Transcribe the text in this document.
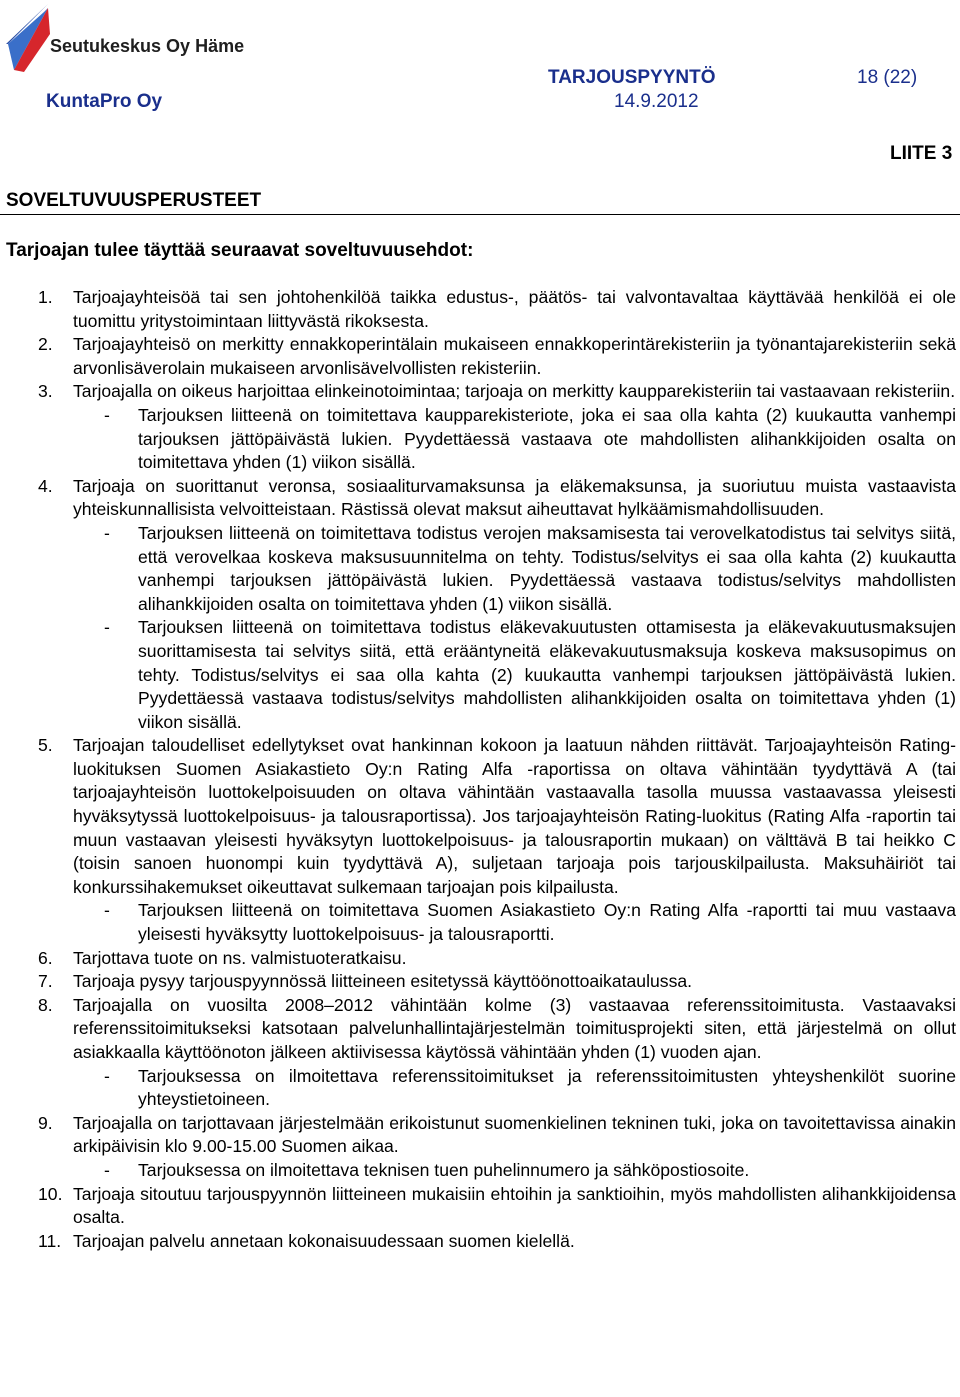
Seutukeskus Oy Häme
KuntaPro Oy
TARJOUSPYYNTÖ
14.9.2012
18 (22)
LIITE 3
SOVELTUVUUSPERUSTEET
Tarjoajan tulee täyttää seuraavat soveltuvuusehdot:
1. Tarjoajayhteisöä tai sen johtohenkilöä taikka edustus-, päätös- tai valvontavaltaa käyttävää henkilöä ei ole tuomittu yritystoimintaan liittyvästä rikoksesta.
2. Tarjoajayhteisö on merkitty ennakkoperintälain mukaiseen ennakkoperintärekisteriin ja työnantajarekisteriin sekä arvonlisäverolain mukaiseen arvonlisävelvollisten rekisteriin.
3. Tarjoajalla on oikeus harjoittaa elinkeinotoimintaa; tarjoaja on merkitty kaupparekisteriin tai vastaavaan rekisteriin.
- Tarjouksen liitteenä on toimitettava kaupparekisteriote, joka ei saa olla kahta (2) kuukautta vanhempi tarjouksen jättöpäivästä lukien. Pyydettäessä vastaava ote mahdollisten alihankkijoiden osalta on toimitettava yhden (1) viikon sisällä.
4. Tarjoaja on suorittanut veronsa, sosiaaliturvamaksunsa ja eläkemaksunsa, ja suoriutuu muista vastaavista yhteiskunnallisista velvoitteistaan. Rästissä olevat maksut aiheuttavat hylkäämismahdollisuuden.
- Tarjouksen liitteenä on toimitettava todistus verojen maksamisesta tai verovelkatodistus tai selvitys siitä, että verovelkaa koskeva maksusuunnitelma on tehty. Todistus/selvitys ei saa olla kahta (2) kuukautta vanhempi tarjouksen jättöpäivästä lukien. Pyydettäessä vastaava todistus/selvitys mahdollisten alihankkijoiden osalta on toimitettava yhden (1) viikon sisällä.
- Tarjouksen liitteenä on toimitettava todistus eläkevakuutusten ottamisesta ja eläkevakuutusmaksujen suorittamisesta tai selvitys siitä, että erääntyneitä eläkevakuutusmaksuja koskeva maksusopimus on tehty. Todistus/selvitys ei saa olla kahta (2) kuukautta vanhempi tarjouksen jättöpäivästä lukien. Pyydettäessä vastaava todistus/selvitys mahdollisten alihankkijoiden osalta on toimitettava yhden (1) viikon sisällä.
5. Tarjoajan taloudelliset edellytykset ovat hankinnan kokoon ja laatuun nähden riittävät. Tarjoajayhteisön Rating-luokituksen Suomen Asiakastieto Oy:n Rating Alfa -raportissa on oltava vähintään tyydyttävä A (tai tarjoajayhteisön luottokelpoisuuden on oltava vähintään vastaavalla tasolla muussa vastaavassa yleisesti hyväksytyssä luottokelpoisuus- ja talousraportissa). Jos tarjoajayhteisön Rating-luokitus (Rating Alfa -raportin tai muun vastaavan yleisesti hyväksytyn luottokelpoisuus- ja talousraportin mukaan) on välttävä B tai heikko C (toisin sanoen huonompi kuin tyydyttävä A), suljetaan tarjoaja pois tarjouskilpailusta. Maksuhäiriöt tai konkurssihakemukset oikeuttavat sulkemaan tarjoajan pois kilpailusta.
- Tarjouksen liitteenä on toimitettava Suomen Asiakastieto Oy:n Rating Alfa -raportti tai muu vastaava yleisesti hyväksytty luottokelpoisuus- ja talousraportti.
6. Tarjottava tuote on ns. valmistuoteratkaisu.
7. Tarjoaja pysyy tarjouspyynnössä liitteineen esitetyssä käyttöönottoaikataulussa.
8. Tarjoajalla on vuosilta 2008–2012 vähintään kolme (3) vastaavaa referenssitoimitusta. Vastaavaksi referenssitoimitukseksi katsotaan palvelunhallintajärjestelmän toimitusprojekti siten, että järjestelmä on ollut asiakkaalla käyttöönoton jälkeen aktiivisessa käytössä vähintään yhden (1) vuoden ajan.
- Tarjouksessa on ilmoitettava referenssitoimitukset ja referenssitoimitusten yhteyshenkilöt suorine yhteystietoineen.
9. Tarjoajalla on tarjottavaan järjestelmään erikoistunut suomenkielinen tekninen tuki, joka on tavoitettavissa ainakin arkipäivisin klo 9.00-15.00 Suomen aikaa.
- Tarjouksessa on ilmoitettava teknisen tuen puhelinnumero ja sähköpostiosoite.
10. Tarjoaja sitoutuu tarjouspyynnön liitteineen mukaisiin ehtoihin ja sanktioihin, myös mahdollisten alihankkijoidensa osalta.
11. Tarjoajan palvelu annetaan kokonaisuudessaan suomen kielellä.
